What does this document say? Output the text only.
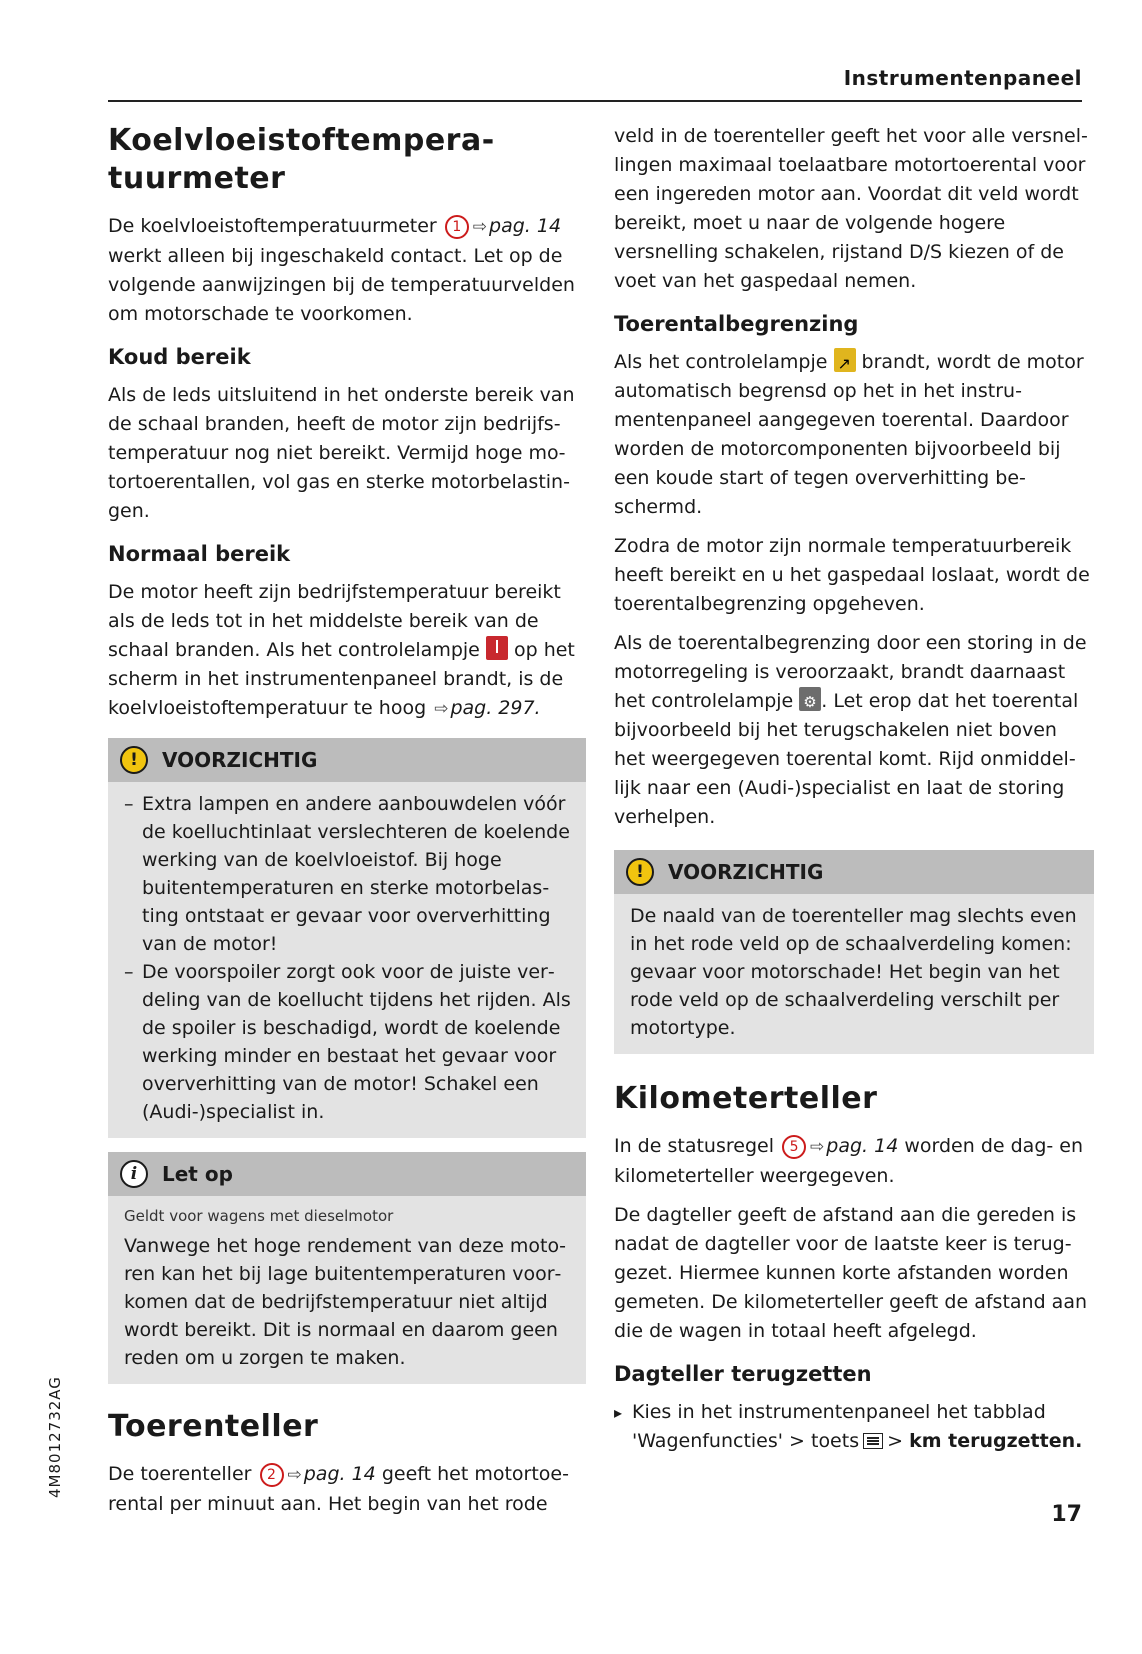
Instrumentenpaneel
Koelvloeistoftempera-
tuurmeter

De koelvloeistoftemperatuurmeter 1 ⇨ pag. 14 werkt alleen bij ingeschakeld contact. Let op de volgende aanwijzingen bij de temperatuurvelden om motorschade te voorkomen.

Koud bereik

Als de leds uitsluitend in het onderste bereik van de schaal branden, heeft de motor zijn bedrijfstemperatuur nog niet bereikt. Vermijd hoge motortoerentallen, vol gas en sterke motorbelastingen.

Normaal bereik

De motor heeft zijn bedrijfstemperatuur bereikt als de leds tot in het middelste bereik van de schaal branden. Als het controlelampje op het scherm in het instrumentenpaneel brandt, is de koelvloeistoftemperatuur te hoog ⇨ pag. 297.

!	VOORZICHTIG
– Extra lampen en andere aanbouwdelen vóór de koelluchtinlaat verslechteren de koelende werking van de koelvloeistof. Bij hoge buitentemperaturen en sterke motorbelasting ontstaat er gevaar voor oververhitting van de motor!
– De voorspoiler zorgt ook voor de juiste verdeling van de koellucht tijdens het rijden. Als de spoiler is beschadigd, wordt de koelende werking minder en bestaat het gevaar voor oververhitting van de motor! Schakel een (Audi-)specialist in.
i	Let op
Geldt voor wagens met dieselmotor

Vanwege het hoge rendement van deze motoren kan het bij lage buitentemperaturen voorkomen dat de bedrijfstemperatuur niet altijd wordt bereikt. Dit is normaal en daarom geen reden om u zorgen te maken.

Toerenteller

De toerenteller 2 ⇨ pag. 14 geeft het motortoerental per minuut aan. Het begin van het rode

veld in de toerenteller geeft het voor alle versnellingen maximaal toelaatbare motortoerental voor een ingereden motor aan. Voordat dit veld wordt bereikt, moet u naar de volgende hogere versnelling schakelen, rijstand D/S kiezen of de voet van het gaspedaal nemen.

Toerentalbegrenzing

Als het controlelampje ↗ brandt, wordt de motor automatisch begrensd op het in het instrumentenpaneel aangegeven toerental. Daardoor worden de motorcomponenten bijvoorbeeld bij een koude start of tegen oververhitting beschermd.

Zodra de motor zijn normale temperatuurbereik heeft bereikt en u het gaspedaal loslaat, wordt de toerentalbegrenzing opgeheven.

Als de toerentalbegrenzing door een storing in de motorregeling is veroorzaakt, brandt daarnaast het controlelampje ⚙ . Let erop dat het toerental bijvoorbeeld bij het terugschakelen niet boven het weergegeven toerental komt. Rijd onmiddellijk naar een (Audi-)specialist en laat de storing verhelpen.

!	VOORZICHTIG

De naald van de toerenteller mag slechts even in het rode veld op de schaalverdeling komen: gevaar voor motorschade! Het begin van het rode veld op de schaalverdeling verschilt per motortype.

Kilometerteller

In de statusregel 5 ⇨ pag. 14 worden de dag- en kilometerteller weergegeven.

De dagteller geeft de afstand aan die gereden is nadat de dagteller voor de laatste keer is teruggezet. Hiermee kunnen korte afstanden worden gemeten. De kilometerteller geeft de afstand aan die de wagen in totaal heeft afgelegd.

Dagteller terugzetten

▸ Kies in het instrumentenpaneel het tabblad 'Wagenfuncties' > toets > km terugzetten.

4M8012732AG
17
